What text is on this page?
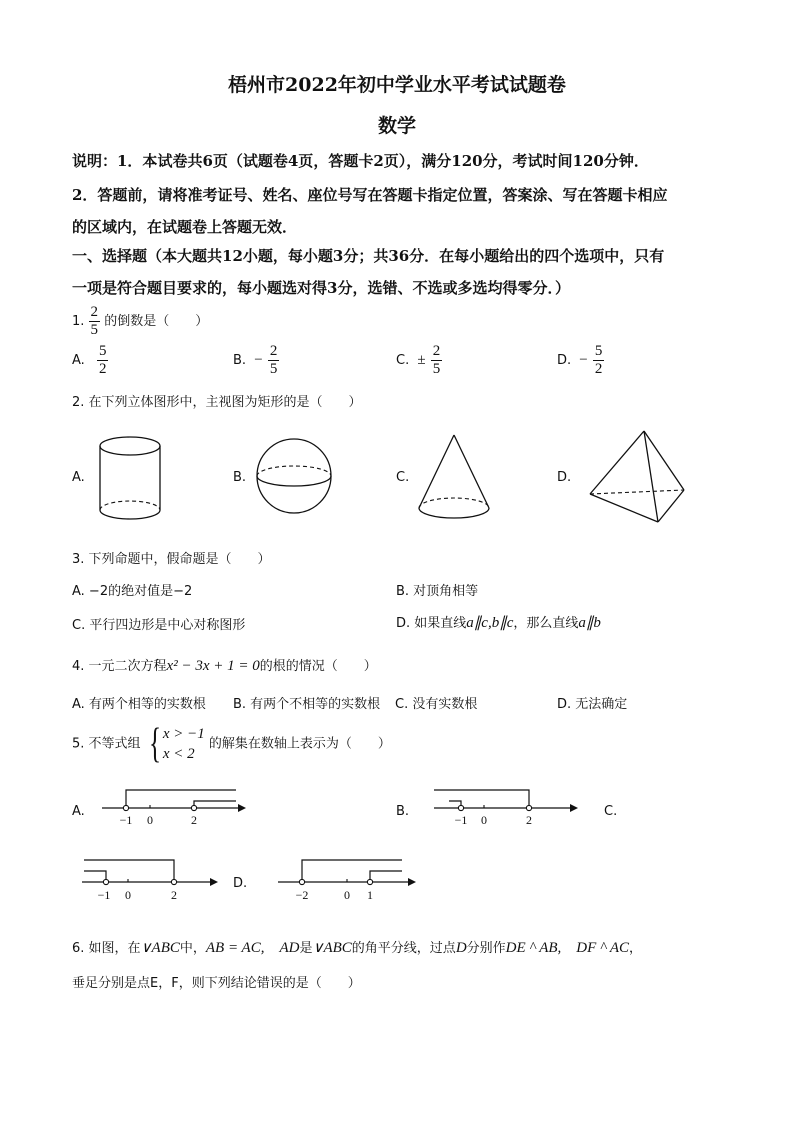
梧州市2022年初中学业水平考试试题卷
数学
说明：1．本试卷共6页（试题卷4页，答题卡2页），满分120分，考试时间120分钟．
2．答题前，请将准考证号、姓名、座位号写在答题卡指定位置，答案涂、写在答题卡相应
的区域内，在试题卷上答题无效．
一、选择题（本大题共12小题，每小题3分；共36分．在每小题给出的四个选项中，只有
一项是符合题目要求的，每小题选对得3分，选错、不选或多选均得零分．）
1. $\frac{2}{5}$ 的倒数是（　　）
A. $\frac{5}{2}$	B. − $\frac{2}{5}$	C. ± $\frac{2}{5}$	D. − $\frac{5}{2}$
2. 在下列立体图形中，主视图为矩形的是（　　）
A.	B.	C.	D.
3. 下列命题中，假命题是（　　）
A. −2的绝对值是−2	B. 对顶角相等
C. 平行四边形是中心对称图形	D. 如果直线a∥c,b∥c，那么直线a∥b
4. 一元二次方程x² − 3x + 1 = 0的根的情况（　　）
A. 有两个相等的实数根 B. 有两个不相等的实数根 C. 没有实数根	D. 无法确定
5. 不等式组 { x > −1
x < 2
的解集在数轴上表示为（　　）
A.
−1 0	2
B.
−1 0	2
C.
−1 0	2
D.
−2	0 1
6. 如图，在∨ABC中，AB = AC,　AD是∨ABC的角平分线，过点D分别作DE ^ AB,　DF ^ AC，
垂足分别是点E，F，则下列结论错误的是（　　）
